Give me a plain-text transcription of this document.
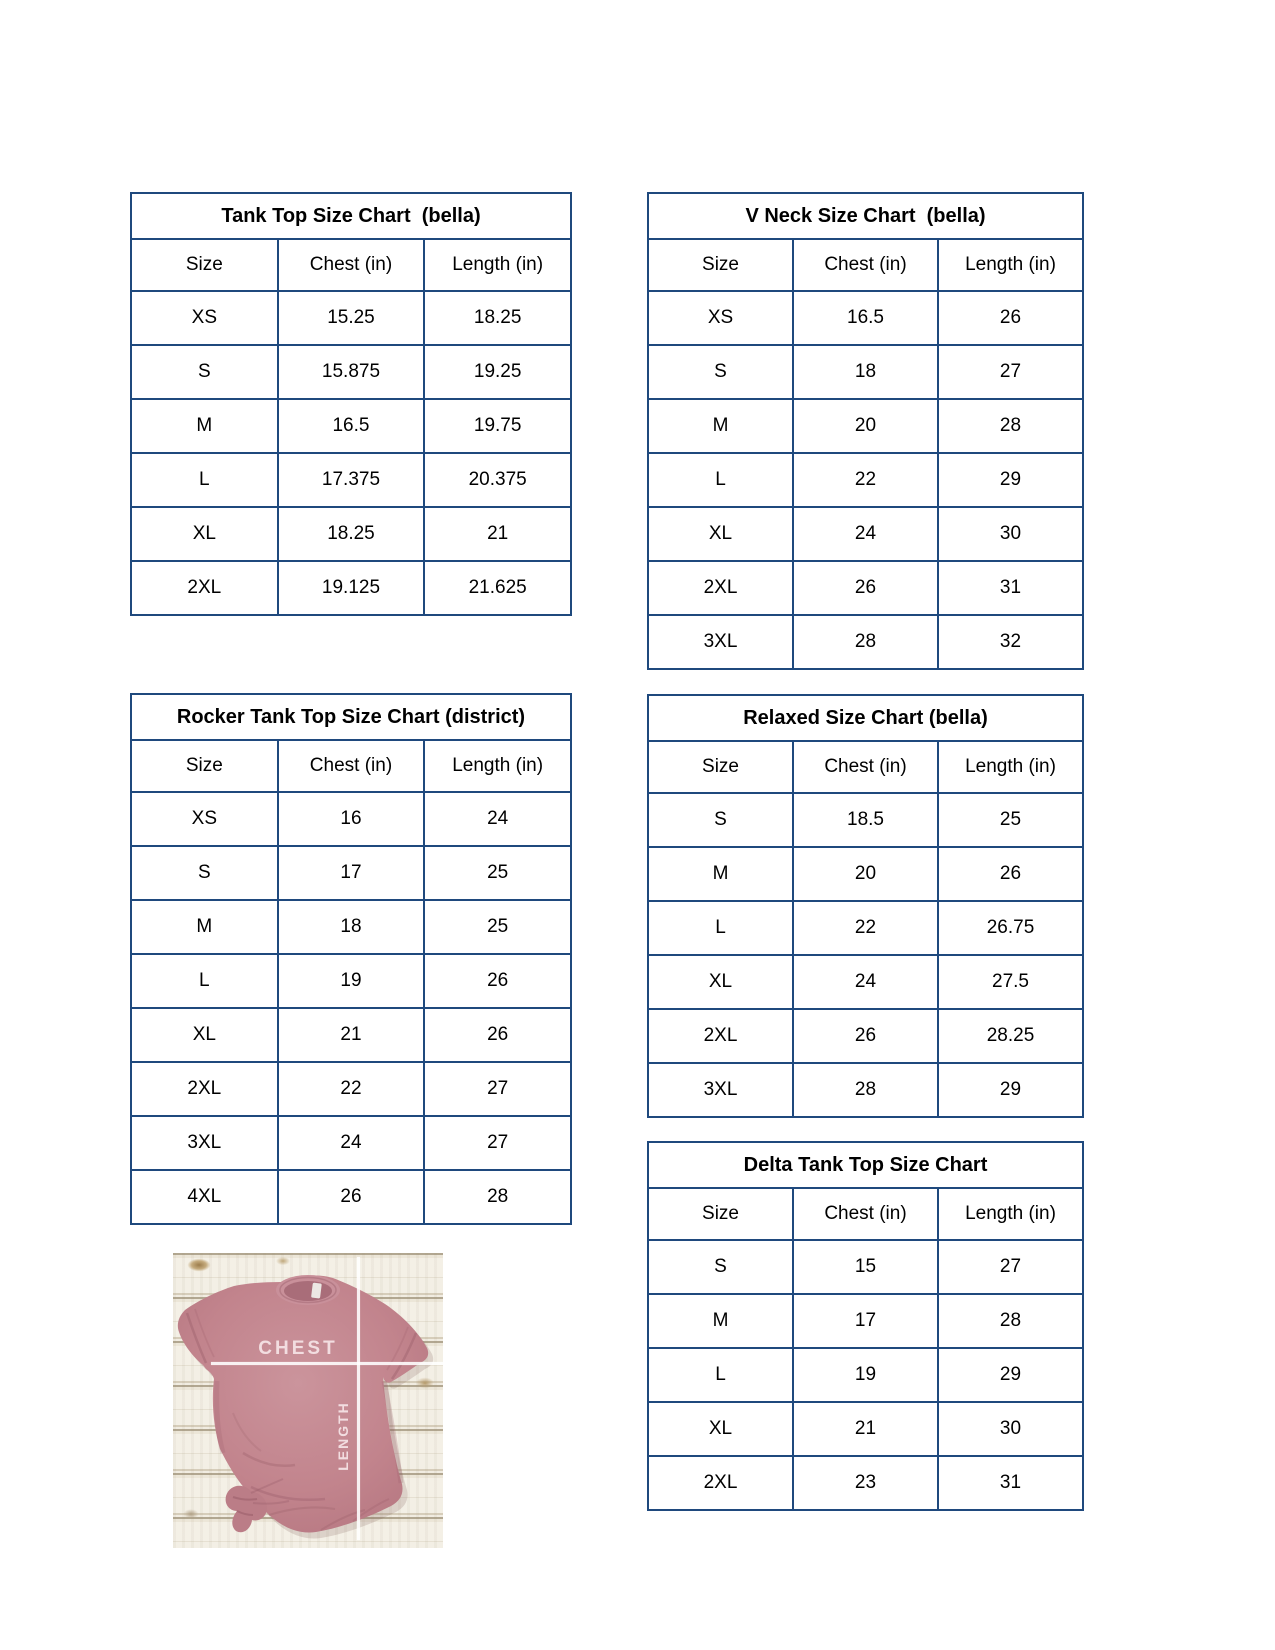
Tank Top Size Chart  (bella)
Size	Chest (in)	Length (in)
XS	15.25	18.25
S	15.875	19.25
M	16.5	19.75
L	17.375	20.375
XL	18.25	21
2XL	19.125	21.625
V Neck Size Chart  (bella)
Size	Chest (in)	Length (in)
XS	16.5	26
S	18	27
M	20	28
L	22	29
XL	24	30
2XL	26	31
3XL	28	32
Rocker Tank Top Size Chart (district)
Size	Chest (in)	Length (in)
XS	16	24
S	17	25
M	18	25
L	19	26
XL	21	26
2XL	22	27
3XL	24	27
4XL	26	28
Relaxed Size Chart (bella)
Size	Chest (in)	Length (in)
S	18.5	25
M	20	26
L	22	26.75
XL	24	27.5
2XL	26	28.25
3XL	28	29
Delta Tank Top Size Chart
Size	Chest (in)	Length (in)
S	15	27
M	17	28
L	19	29
XL	21	30
2XL	23	31
CHEST
LENGTH
